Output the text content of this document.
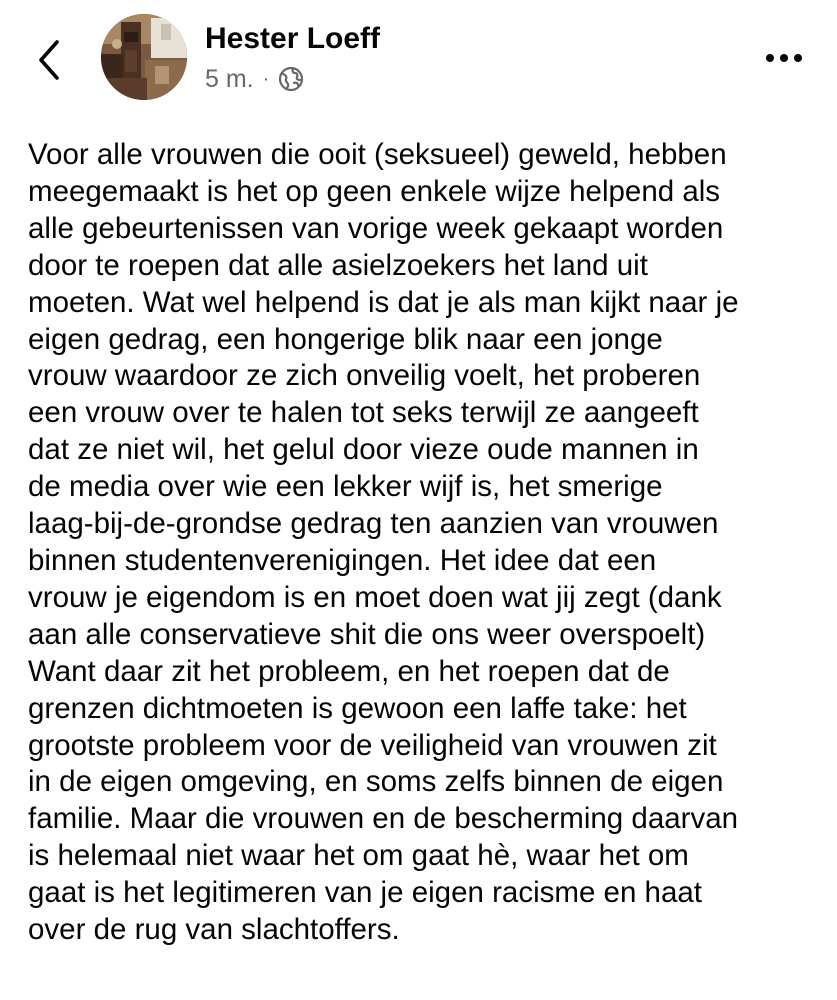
Hester Loeff
5 m. ·

Voor alle vrouwen die ooit (seksueel) geweld, hebben
meegemaakt is het op geen enkele wijze helpend als
alle gebeurtenissen van vorige week gekaapt worden
door te roepen dat alle asielzoekers het land uit
moeten. Wat wel helpend is dat je als man kijkt naar je
eigen gedrag, een hongerige blik naar een jonge
vrouw waardoor ze zich onveilig voelt, het proberen
een vrouw over te halen tot seks terwijl ze aangeeft
dat ze niet wil, het gelul door vieze oude mannen in
de media over wie een lekker wijf is, het smerige
laag-bij-de-grondse gedrag ten aanzien van vrouwen
binnen studentenverenigingen. Het idee dat een
vrouw je eigendom is en moet doen wat jij zegt (dank
aan alle conservatieve shit die ons weer overspoelt)
Want daar zit het probleem, en het roepen dat de
grenzen dichtmoeten is gewoon een laffe take: het
grootste probleem voor de veiligheid van vrouwen zit
in de eigen omgeving, en soms zelfs binnen de eigen
familie. Maar die vrouwen en de bescherming daarvan
is helemaal niet waar het om gaat hè, waar het om
gaat is het legitimeren van je eigen racisme en haat
over de rug van slachtoffers.
